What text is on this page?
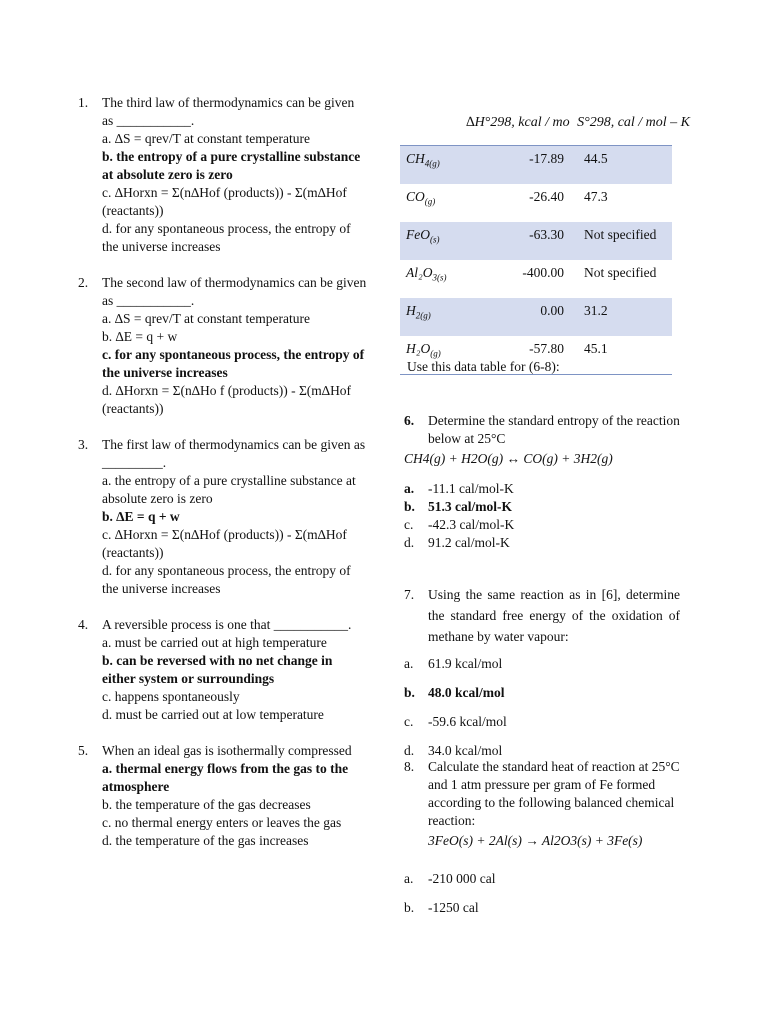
1. The third law of thermodynamics can be given as ___________.
a. ∆S = qrev/T at constant temperature
b. the entropy of a pure crystalline substance at absolute zero is zero
c. ∆Horxn = Σ(n∆Hof (products)) - Σ(m∆Hof (reactants))
d. for any spontaneous process, the entropy of the universe increases
2. The second law of thermodynamics can be given as ___________.
a. ∆S = qrev/T at constant temperature
b. ∆E = q + w
c. for any spontaneous process, the entropy of the universe increases
d. ∆Horxn = Σ(n∆Ho f (products)) - Σ(m∆Hof (reactants))
3. The first law of thermodynamics can be given as _________.
a. the entropy of a pure crystalline substance at absolute zero is zero
b. ∆E = q + w
c. ∆Horxn = Σ(n∆Hof (products)) - Σ(m∆Hof (reactants))
d. for any spontaneous process, the entropy of the universe increases
4. A reversible process is one that ___________.
a. must be carried out at high temperature
b. can be reversed with no net change in either system or surroundings
c. happens spontaneously
d. must be carried out at low temperature
5. When an ideal gas is isothermally compressed
a. thermal energy flows from the gas to the atmosphere
b. the temperature of the gas decreases
c. no thermal energy enters or leaves the gas
d. the temperature of the gas increases
∆H°298, kcal / mo S°298, cal / mol – K
$CH_{4(g)}$	-17.89	44.5
$CO_{(g)}$	-26.40	47.3
FeO$_{(s)}$	-63.30	Not specified
$Al_2O_{3(s)}$	-400.00	Not specified
$H_{2(g)}$	0.00	31.2
$H_2O_{(g)}$	-57.80	45.1
Use this data table for (6-8):
6. Determine the standard entropy of the reaction below at 25°C
CH4(g) + H2O(g) ↔ CO(g) + 3H2(g)
a. -11.1 cal/mol-K
b. 51.3 cal/mol-K
c. -42.3 cal/mol-K
d. 91.2 cal/mol-K
7. Using the same reaction as in [6], determine the standard free energy of the oxidation of methane by water vapour:
a. 61.9 kcal/mol
b. 48.0 kcal/mol
c. -59.6 kcal/mol
d. 34.0 kcal/mol
8. Calculate the standard heat of reaction at 25°C and 1 atm pressure per gram of Fe formed according to the following balanced chemical reaction:
3FeO(s) + 2Al(s) → Al2O3(s) + 3Fe(s)
a. -210 000 cal
b. -1250 cal
